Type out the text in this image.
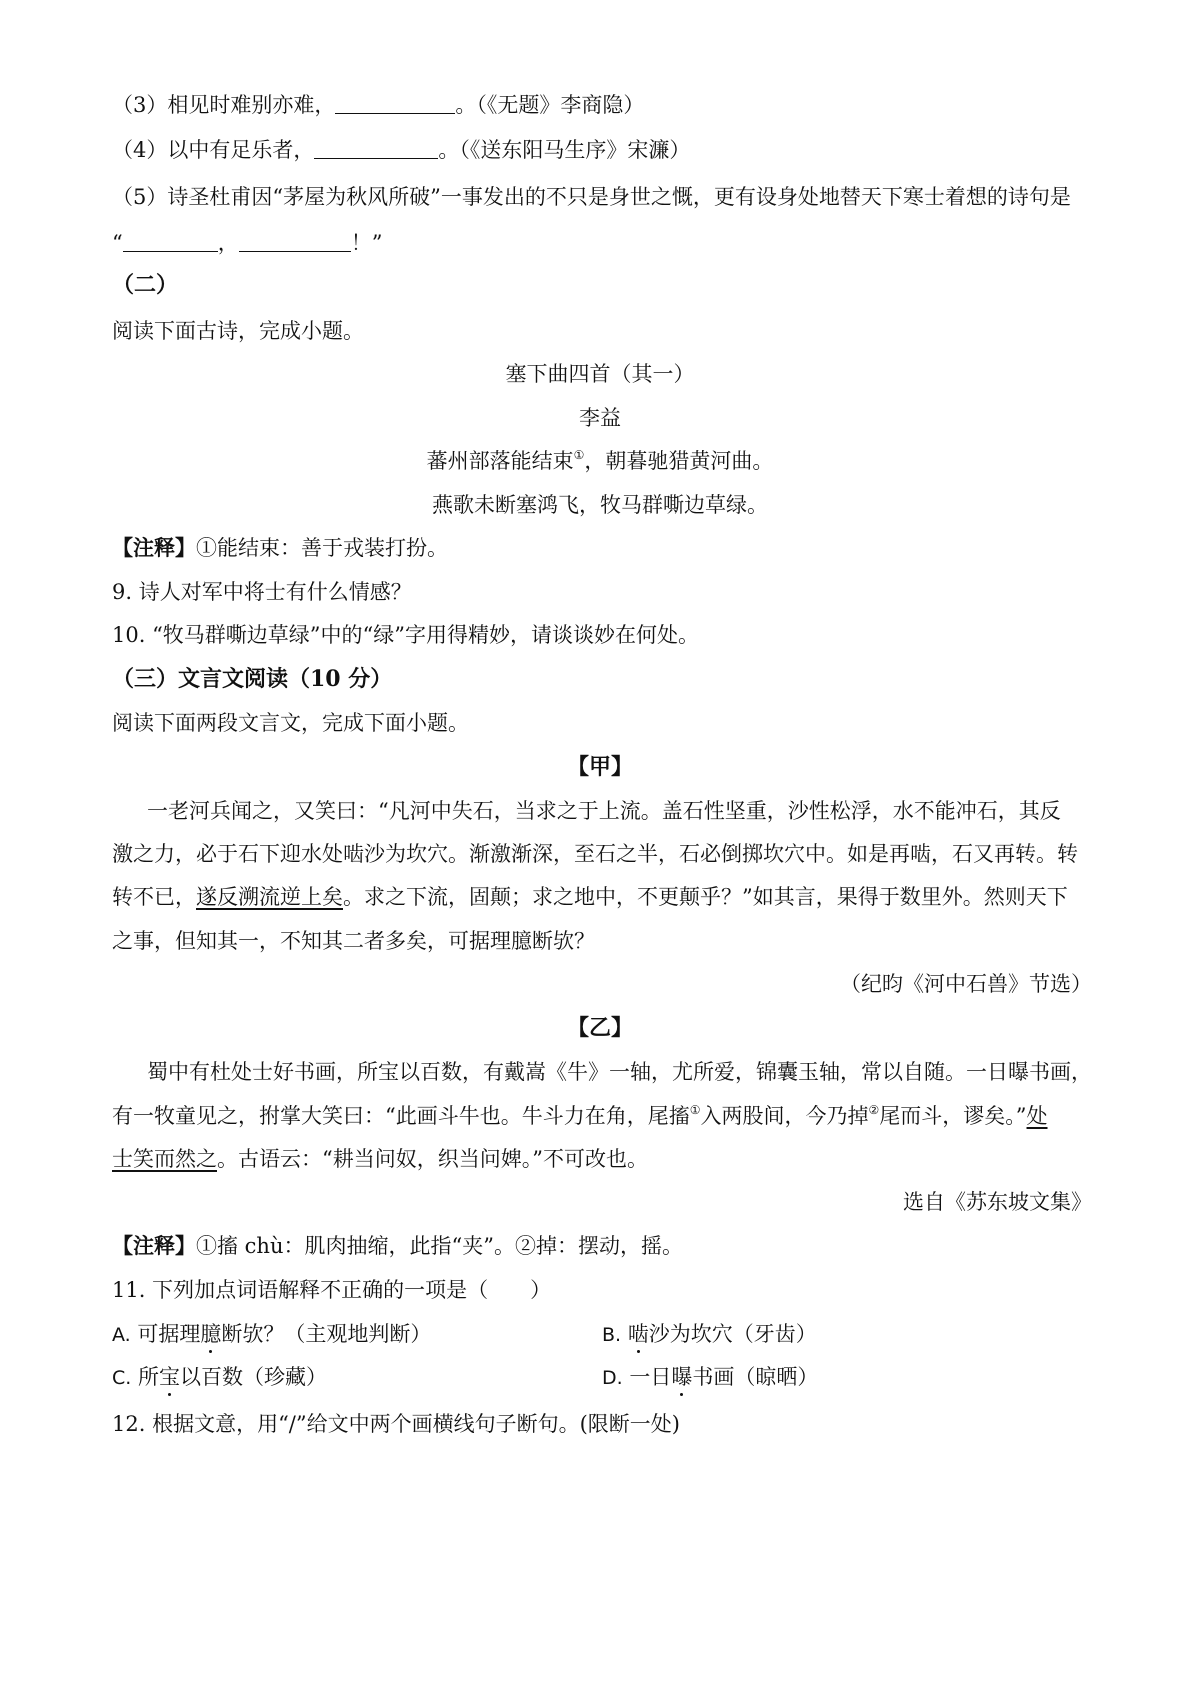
（3）相见时难别亦难，	。（《无题》李商隐）
（4）以中有足乐者，	。（《送东阳马生序》宋濂）
（5）诗圣杜甫因“茅屋为秋风所破”一事发出的不只是身世之慨，更有设身处地替天下寒士着想的诗句是
“	，	！”
（二）
阅读下面古诗，完成小题。
塞下曲四首（其一）
李益
蕃州部落能结束①，朝暮驰猎黄河曲。
燕歌未断塞鸿飞，牧马群嘶边草绿。
【注释】①能结束：善于戎装打扮。
9. 诗人对军中将士有什么情感？
10. “牧马群嘶边草绿”中的“绿”字用得精妙，请谈谈妙在何处。
（三）文言文阅读（10 分）
阅读下面两段文言文，完成下面小题。
【甲】
一老河兵闻之，又笑曰：“凡河中失石，当求之于上流。盖石性坚重，沙性松浮，水不能冲石，其反
激之力，必于石下迎水处啮沙为坎穴。渐激渐深，至石之半，石必倒掷坎穴中。如是再啮，石又再转。转
转不已，遂反溯流逆上矣。求之下流，固颠；求之地中，不更颠乎？”如其言，果得于数里外。然则天下
之事，但知其一，不知其二者多矣，可据理臆断欤？
（纪昀《河中石兽》节选）
【乙】
蜀中有杜处士好书画，所宝以百数，有戴嵩《牛》一轴，尤所爱，锦囊玉轴，常以自随。一日曝书画，
有一牧童见之，拊掌大笑曰：“此画斗牛也。牛斗力在角，尾搐①入两股间，今乃掉②尾而斗，谬矣。”处
士笑而然之。古语云：“耕当问奴，织当问婢。”不可改也。
选自《苏东坡文集》
【注释】①搐 chù：肌肉抽缩，此指“夹”。②掉：摆动，摇。
11. 下列加点词语解释不正确的一项是（　　）
A. 可据理臆断欤？（主观地判断）	B. 啮沙为坎穴（牙齿）
C. 所宝以百数（珍藏）	D. 一日曝书画（晾晒）
12. 根据文意，用“/”给文中两个画横线句子断句。(限断一处)
